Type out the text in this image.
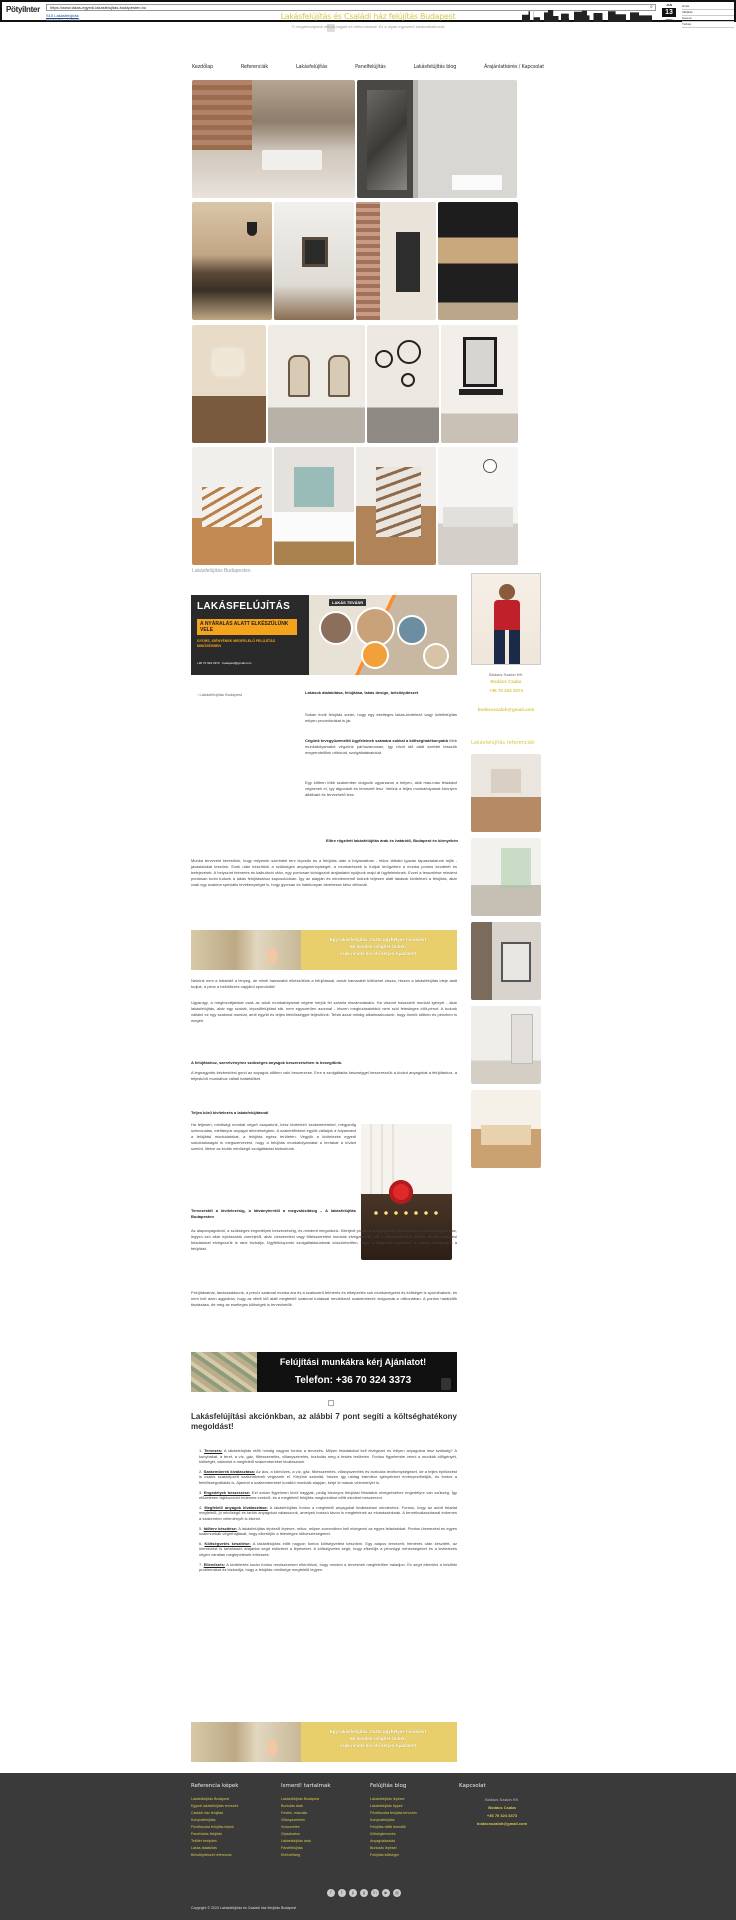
PötyiInter	https://www.lakas-egyedi-lakasfelujitas-budapesten.hu
S15 Lakásfelújítás
lakásfelújítás – 1 változás
⌕	JAN
13
WED
Hírek
Időjárás
Kereső
Térkép
Lakásfelújítás és Családi ház felújítás Budapest
Ti megálmodjátok otthon-tagjait mi otthonotokká! Ez a olyan egyszerű lakásvállalkozás
Kezdőlap	Referenciák	Lakásfelújítás	Panelfelújítás	Lakásfelújítás blog	Árajánlatkérés / Kapcsolat
Lakásfelújítás Budapesten
LAKÁSFELÚJÍTÁS
A NYÁRALÁS ALATT ELKÉSZÜLÜNK VELE
GYORS, IGÉNYÉNEK MEGFELELŐ FELÚJÍTÁS MINŐSÉGBEN
+36 70 324 3373 · budapest@gmail.com
LAKÁS TEVÁSR
▫ Lakásfelújítás Budapest	Lakások átalakítása, felújítása, lakás design, belsőépítészet
Sokan érzik felújítás során, hogy egy esetleges lakás-kivitelező vagy üzletfelújítás milyen procedúrákat is jár.
Cégünk tevegyüzemeltő ügyfeleinek számára sokkal a költséghatékonyabb több munkafolyamatot végzünk párhuzamosan, így rövid idő alatt szebbé tesszük megrendelőink otthonát, szolgáltatásainkat.
Egy időben több szakember dolgozik ugyanazon a helyen, akik más-más feladatot végeznek el, így átgondolt és tervezett lesz. Velünk a teljes munkafolyamat könnyen átlátható és tervezhető lesz.
Előre rögzített lakásfelújítás árak és határidő, Budapest és környékén
Munka tervezést kerestünk, hogy milyenek szerinteti terv lépcsős és a felújítás után a folyamatban - ekkor látható igazán tapasztalatunk rejlik - javaslatokat teszünk. Ezek után készítünk a szükséges anyagmennyiséget, a munkarészek is tudjuk lerögzíteni a munka pontos kezdetét és befejezését. A helyszínt felmérés és kalkuláció után, egy pontosan kidolgozott árajánlatot nyújtunk majd át ügyfeleinknek. Ezzel a tesszélése mindent pontosan tudni tudunk a lakás felújításához kapcsolódóan. Így az alapján és mindennemű tudunk teljesen alatt lakások kivitelezni a felújítás, akár csak egy szakma speciális tevékenységet is, hogy gyorsan és hatékonyan átvehesse kész otthonát.
Egy lakásfelújítás, tiszta ügyhelyes munkáért
Mi minden rólighet Önben
csak rendel kis idő kérjen Ajánlatot!
Nekünk nem a határidő a lényeg, de minél hamarabb elkészülünk a felújítással, annál hamarabb költözhet vissza, hiszen a lakásfelújítás ideje alatt tudjuk, a pénz a beköltözés napjától spórolódik!
Ugyanígy, a megbízottjainkat csak az adott munkafolyamat végére kérjük fel számla elszámolására. Ha viszont hosszabb munkát igényel - akár lakásfelújítás, akár egy szobát, lépcsőfelújítást stb. nem egyszerűen azonnal - hiszen megbízásainkból nem szól felesleges időt-pénzt. A tudunk vállalni ez egy szakmai munkát, amit együtt és teljes felelősséggel teljesítünk. Tehát azzal mindig alkalmazkodunk, hogy önnek időben és pénzben is megéri.
A felújításhoz, szerelvényhez szükséges anyagok beszerzésében is besegítünk.
A legnagyobb kézbesítési gond az anyagok időben való beszerzése. Erre a szolgáltatás készséggel beszerezzük a kívánt anyagokat a felújításhoz, a teljeskörű munkához vállalt határidőket.
Teljes körű kivitelezés a lakásfelújításnál
Ha teljesen, minőségi munkát végző csapatunk, kész kivitelező szakembereket, mégpedig szinvonalas, méltányos anyagai árkeretségben. A szakértőinkkel együtt vállaljuk a folyamatot a felújítási munkálatokat, a felújítás egész területén. Vegyük a kivitelezés egyedi sokoldalúságát is megszervezést, hogy a felújítás munkafolyamatai a leírtakat a kívánt szerint, illetve az kiváló minőségű szolgáltatást biztosítunk.
Tervezéstől a kivitelezésig, a látványtervtől a megvalósításig – A lakásfelújítás Budapesten
Az alapanyagokból, a szükséges engedélyek beszerzéséig, és mindent megoldunk. Kiterjedt profilunk a legapróbb részletekben is a segítségére lesz, legyen szó akár nyílászárók cseréjéről, akár vízszerelési vagy fűtésszerelési munkák elvégzéséről, sőt a villanyszerelési, festés, tetőtér-beépítési feladatokat elvégezzük is ránk bízhatja. Ügyfélközpontú szolgáltatásunknak köszönhetően, hogy a legapróbb igényeire is kitérve elvégezzük a felújítást.
Felújításainál, tanácsadásunk, a precíz szakmai munka ára és a szakszerű felmérés és elképzelés sok munkavégzést és költséget is spórolhatunk, és nem kell azon aggódnia, hogy az eltelt idő alatt megfelelő szakmai tudással rendelkező szakemberek dolgoznak-e otthonában. A pontos határidők tisztázása, de még az esetleges költségek is tervezhetők.
Felújítási munkákra kérj Ajánlatot!
Telefon: +36 70 324 3373
Lakásfelújítási akciónkban, az alábbi 7 pont segíti a költséghatékony megoldást!
1. Tervezés: A lakásfelújítás előtt mindig nagyon fontos a tervezés. Milyen feladatokat kell elvégezni és milyen anyagokra lesz szükség? A konyhakat, a teret, a víz, gáz, fűtésszerelés, villanyszerelés, burkolás meg a festés területén. Fontos figyelembe venni a munkák időigényét, költségét, valamint a megfelelő szakembereket kiválasztani.
2. Szakemberek kiválasztása: Az ács, a kőműves, a víz, gáz, fűtésszerelés, villanyszerelés és burkolás tevékenységeket, de a teljes építkezést is csakis szakképzett szakemberek végezzék el. Kérjünk számlát, hiszen így utólag bármikor igényeinket érvényesíthetjük, és fontos a felelősségvállalás is. Ajánlott a szakembereket korábbi munkáik alapján, kérje ki mások véleményét is.
3. Engedélyek beszerzése: Ezt sokan figyelmen kívül hagyják, pedig bizonyos felújítási feladatok elvégzéséhez engedélyre van szükség. Így előzetesen tájékozódni érdemes ezekről, és a megfelelő felújítás megkezdése előtt mindent beszerezni.
4. Megfelelő anyagok kiválasztása: A lakásfelújítás fontos a megfelelő anyagokat kiválasztani mindenhez. Fontos, hogy az adott feladat megfelelő, jó minőségű és tartós anyagokat válasszunk, amelyek hosszú távon is megfelelnek az elvárásainknak. A termékválasztásnál érdemes a szakember véleményét is kikérni.
5. Időterv készítése: A lakásfelújítás lépésről lépésre, mikor, milyen sorrendben kell elvégezni az egyes feladatokat. Pontos ütemezést és egyes szakmunkák végrehajtását, hogy elkerüljük a felesleges időveszteségeket.
6. Költségvetés készítése: A lakásfelújítás előtt nagyon fontos költségvetést készíteni. Egy alapos tervezett, felmérés után készített, az ütemezést is tartalmazó árajánlat segít eldönteni a lépéseket. A költségvetés segít, hogy elkerülje a pénzügyi nehézségeket és a kivitelezés végén váratlan meglepetések érhessék.
7. Ellenőrzés: A kivitelezés során fontos rendszeresen ellenőrizni, hogy minden a terveknek megfelelően haladjon. Ez segít elkerülni a későbbi problémákat és biztosítja, hogy a felújítás minősége megfelelő legyen.
Egy lakásfelújítás, tiszta ügyhelyes munkáért
Mi minden rólighet Önben
csak rendel kis idő kérjen Ajánlatot!
Bódacs Szalon Kft.
Bodács Csaba
+36 70 324 3373
bodacsszaloh@gmail.com
Lakásfelújítás referenciák
Referencia képek
Lakásfelújítás Budapest
Egyedi lakásfelújítás tervezés
Családi ház felújítás
Konyhafelújítás
Fürdőszoba felújítás képek
Panellakás felújítás
Tetőtér beépítés
Lakás átalakítás
Belsőépítészet referencia
Ismerd! tartalmak
Lakásfelújítás Budapest
Burkolás árak
Festés, mázolás
Villanyszerelés
Vízszerelés
Gipszkarton
Lakásfelújítás árak
Panelfelújítás
Elérhetőség
Felújítás blog
Lakásfelújítás lépései
Lakásfelújítás tippek
Fürdőszoba felújítás tervezés
Konyhafelújítás
Felújítás előtti teendők
Költségtervezés
Anyagválasztás
Burkolás lépései
Felújítás költségei
Kapcsolat
Bódacs Szalon Kft.
Bodács Csaba
+36 70 324 3373
bodacsszaloh@gmail.com
f	t	p	g	in	▶	@
Copyright © 2024 Lakásfelújítás és Családi ház felújítás Budapest
